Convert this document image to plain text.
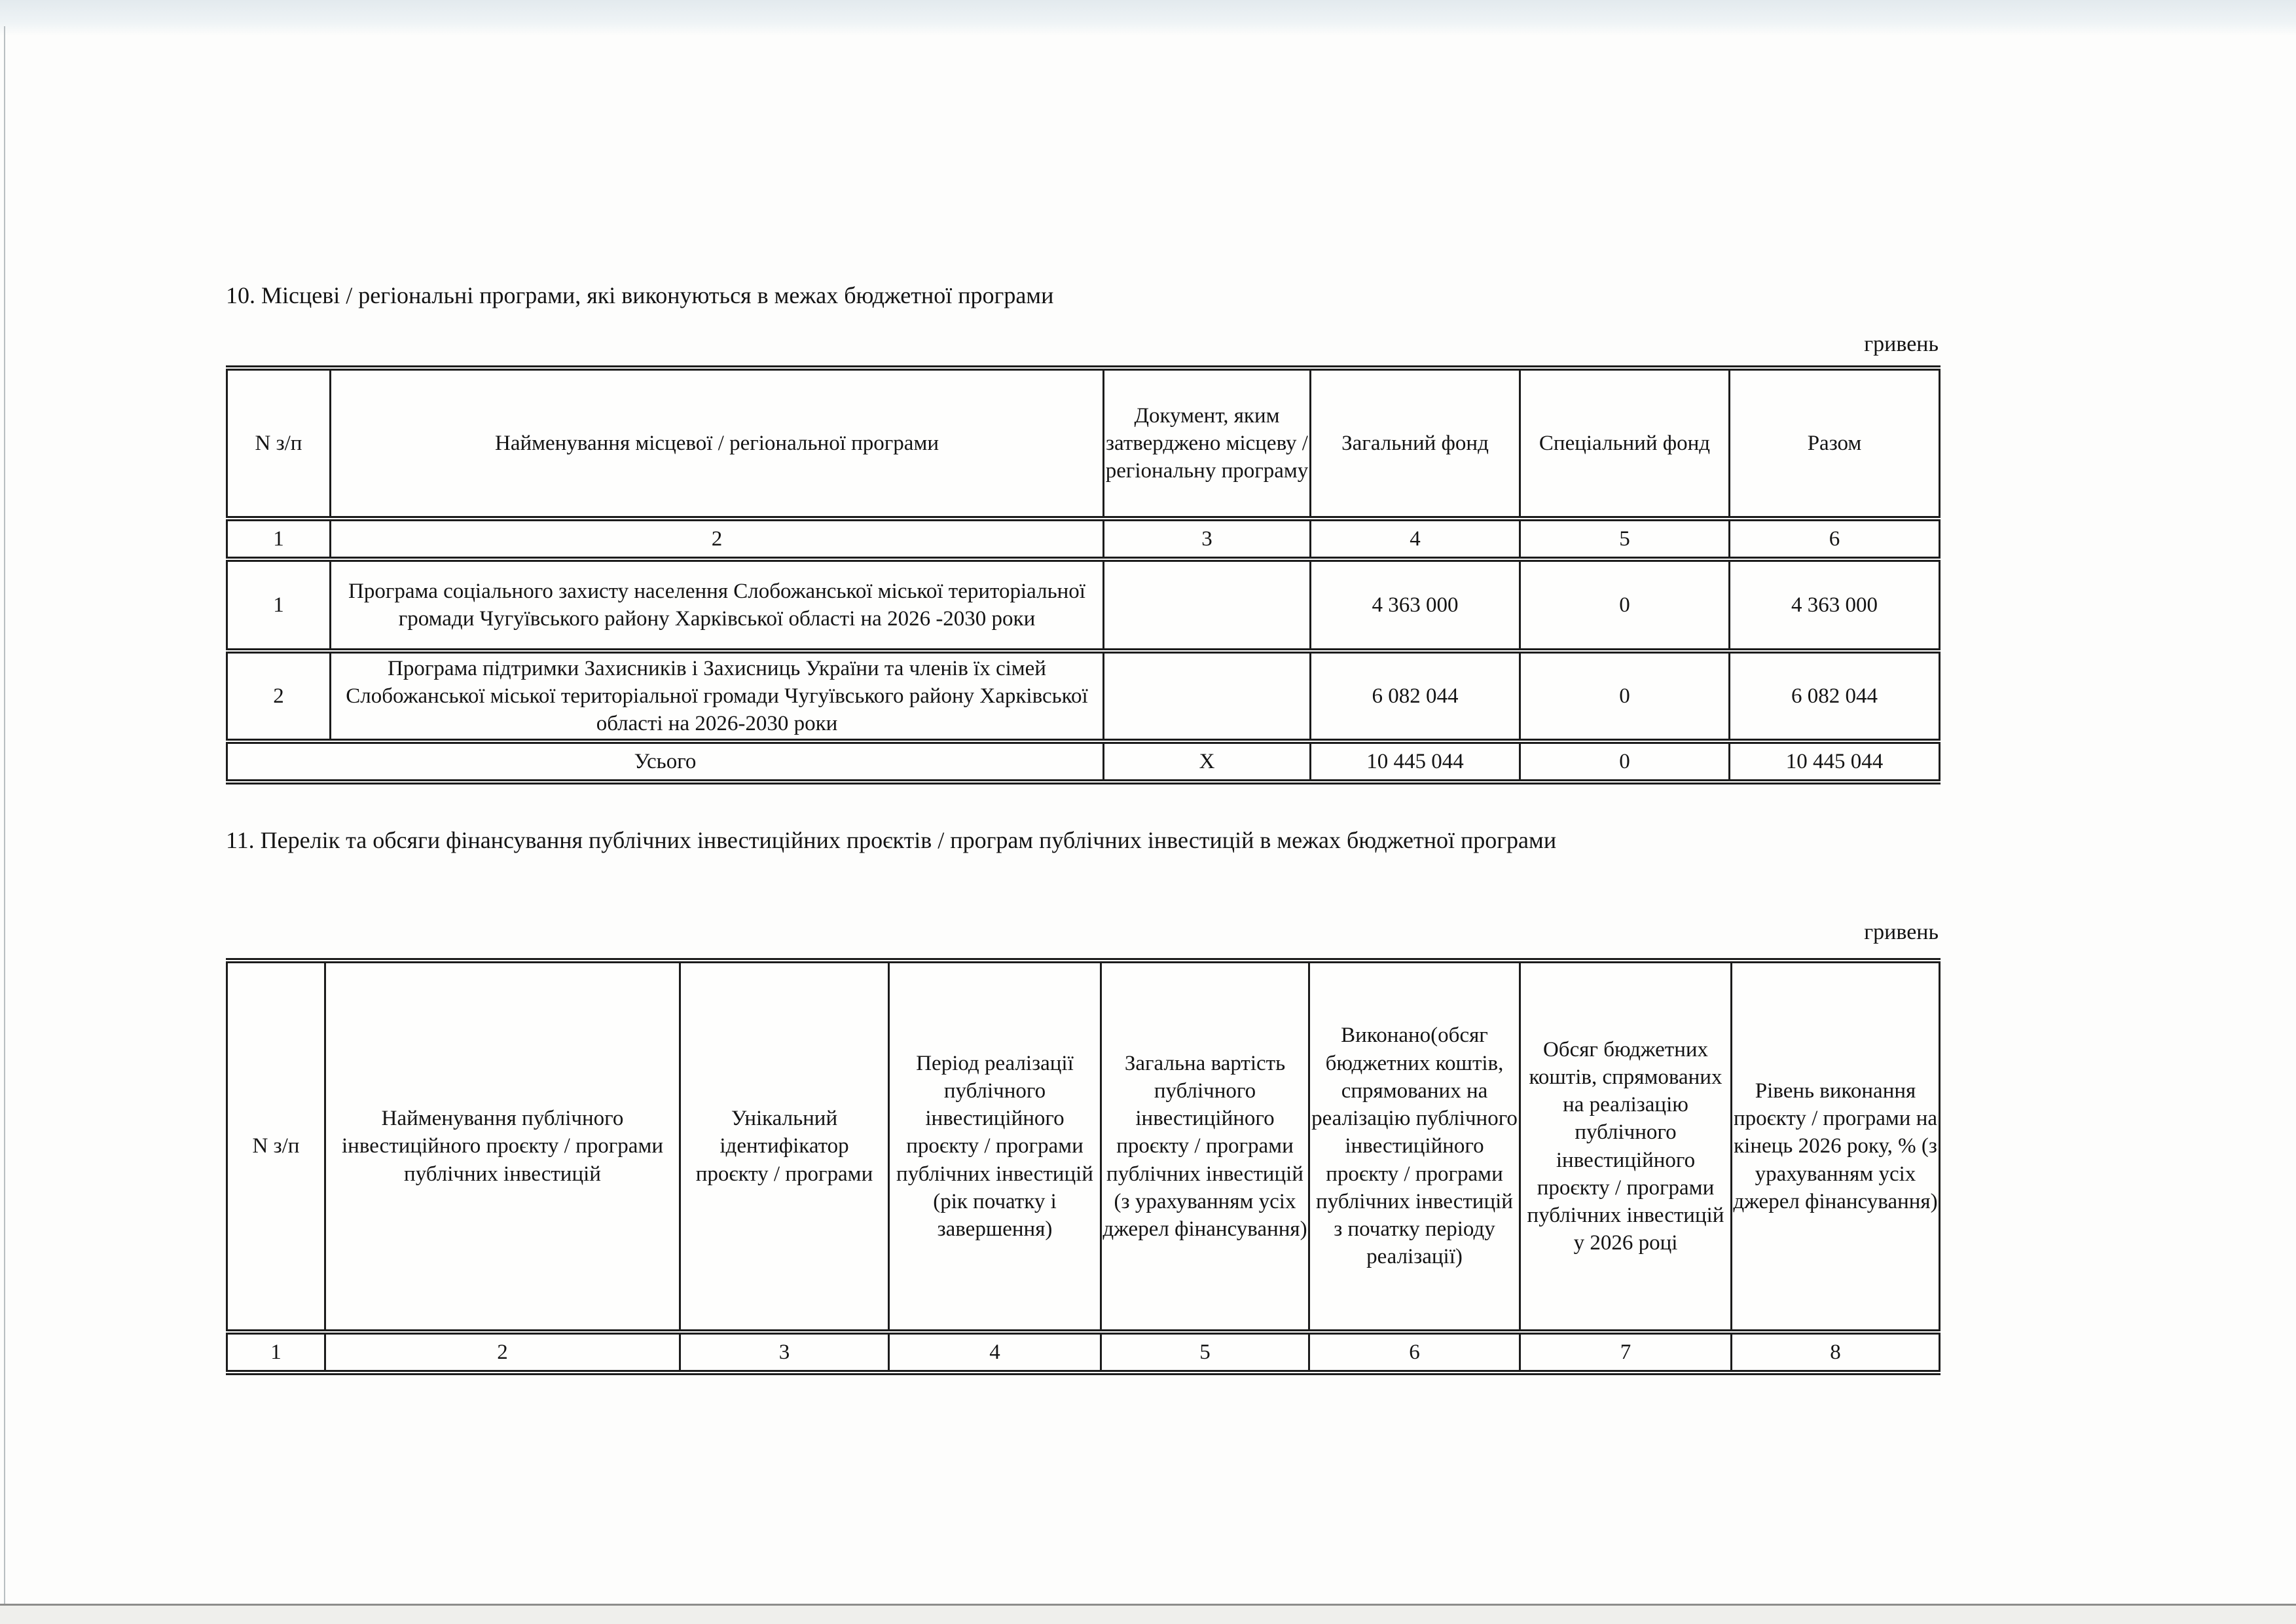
10. Місцеві / регіональні програми, які виконуються в межах бюджетної програми
гривень
N з/п	Найменування місцевої / регіональної програми	Документ, яким затверджено місцеву / регіональну програму	Загальний фонд	Спеціальний фонд	Разом
1	2	3	4	5	6
1	Програма соціального захисту населення Слобожанської міської територіальної громади Чугуївського району Харківської області на 2026 -2030 роки		4 363 000	0	4 363 000
2	Програма підтримки Захисників і Захисниць України та членів їх сімей Слобожанської міської територіальної громади Чугуївського району Харківської області на 2026-2030 роки		6 082 044	0	6 082 044
Усього		X	10 445 044	0	10 445 044
11. Перелік та обсяги фінансування публічних інвестиційних проєктів / програм публічних інвестицій в межах бюджетної програми
гривень
N з/п	Найменування публічного інвестиційного проєкту / програми публічних інвестицій	Унікальний ідентифікатор проєкту / програми	Період реалізації публічного інвестиційного проєкту / програми публічних інвестицій (рік початку і завершення)	Загальна вартість публічного інвестиційного проєкту / програми публічних інвестицій (з урахуванням усіх джерел фінансування)	Виконано(обсяг бюджетних коштів, спрямованих на реалізацію публічного інвестиційного проєкту / програми публічних інвестицій з початку періоду реалізації)	Обсяг бюджетних коштів, спрямованих на реалізацію публічного інвестиційного проєкту / програми публічних інвестицій у 2026 році	Рівень виконання проєкту / програми на кінець 2026 року, % (з урахуванням усіх джерел фінансування)
1	2	3	4	5	6	7	8
